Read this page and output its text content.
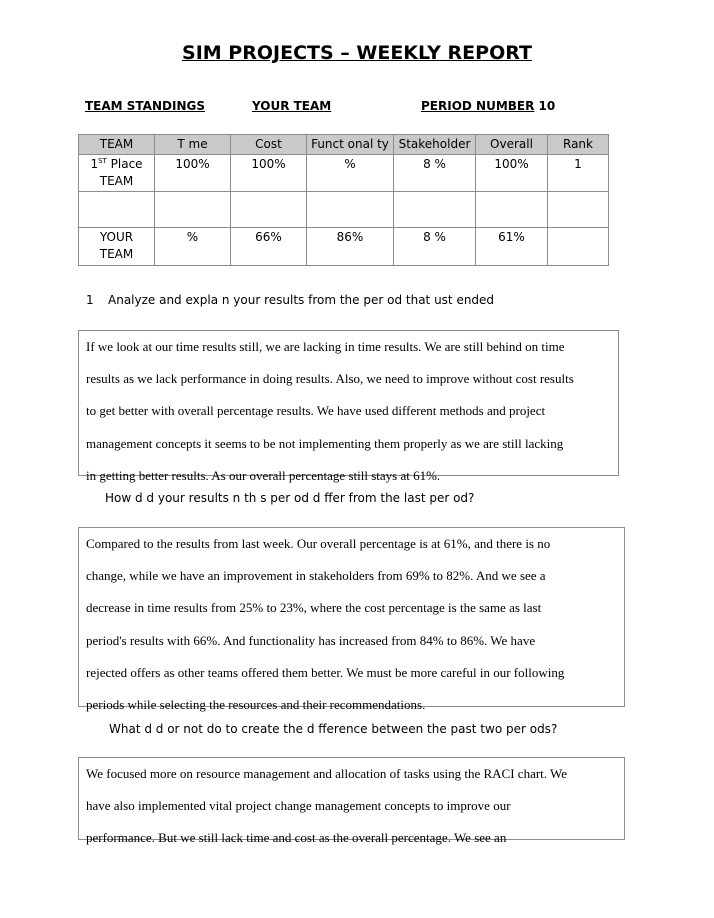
SIM PROJECTS – WEEKLY REPORT
TEAM STANDINGS	YOUR TEAM	PERIOD NUMBER 10
TEAM	T me	Cost	Funct onal ty	Stakeholder	Overall	Rank
1ST Place
TEAM	100%	100%	%	8 %	100%	1

YOUR
TEAM	%	66%	86%	8 %	61%	
1 Analyze and expla n your results from the per od that ust ended

If we look at our time results still, we are lacking in time results. We are still behind on time

results as we lack performance in doing results. Also, we need to improve without cost results

to get better with overall percentage results. We have used different methods and project

management concepts it seems to be not implementing them properly as we are still lacking

in getting better results. As our overall percentage still stays at 61%.

How d d your results n th s per od d ffer from the last per od?

Compared to the results from last week. Our overall percentage is at 61%, and there is no

change, while we have an improvement in stakeholders from 69% to 82%. And we see a

decrease in time results from 25% to 23%, where the cost percentage is the same as last

period's results with 66%. And functionality has increased from 84% to 86%. We have

rejected offers as other teams offered them better. We must be more careful in our following

periods while selecting the resources and their recommendations.

What d d or not do to create the d fference between the past two per ods?

We focused more on resource management and allocation of tasks using the RACI chart. We

have also implemented vital project change management concepts to improve our

performance. But we still lack time and cost as the overall percentage. We see an
